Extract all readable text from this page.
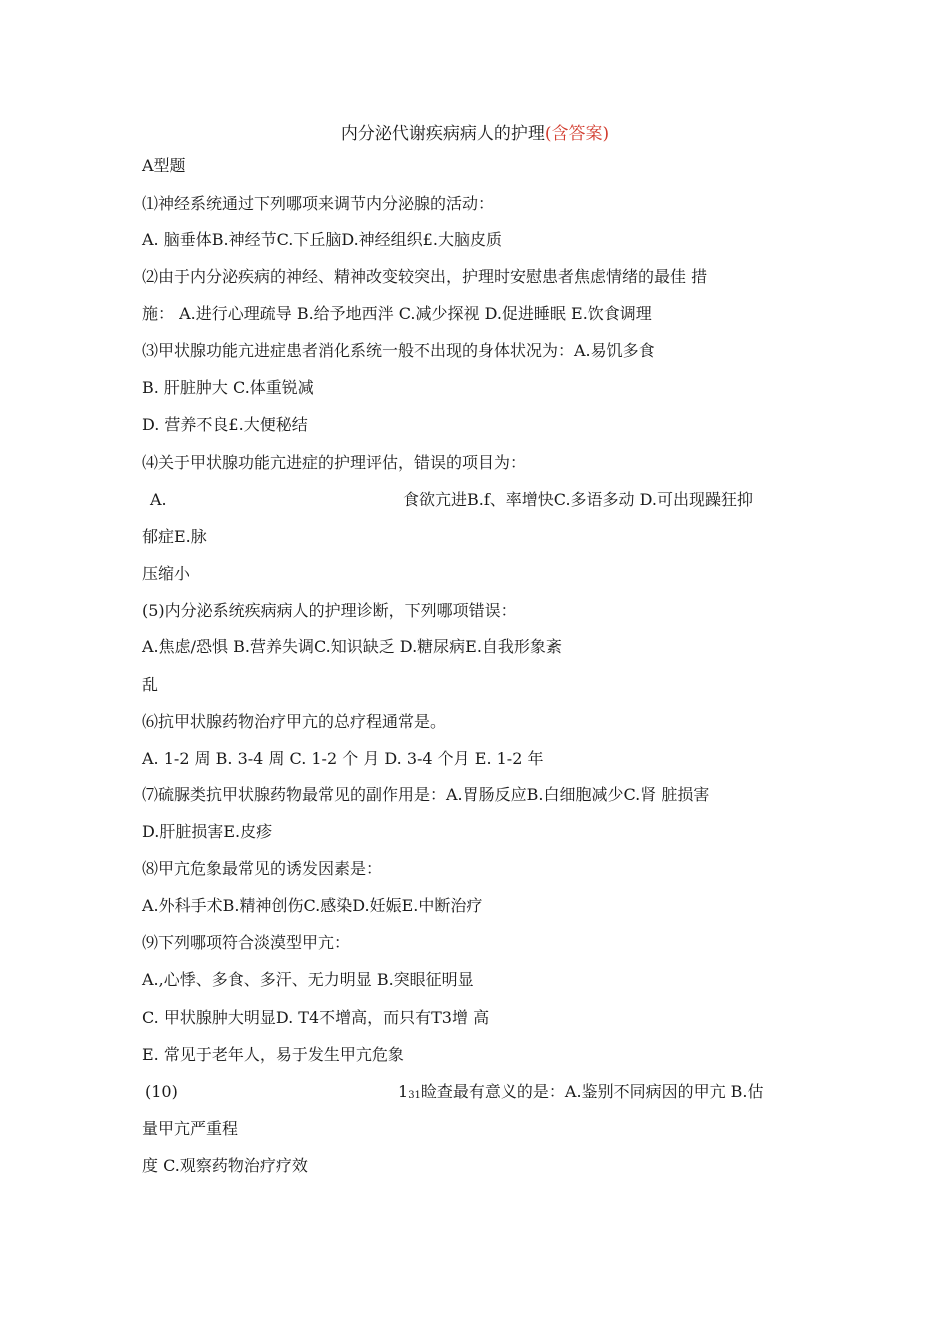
内分泌代谢疾病病人的护理(含答案)
A型题
⑴神经系统通过下列哪项来调节内分泌腺的活动：
A. 脑垂体B.神经节C.下丘脑D.神经组织£.大脑皮质
⑵由于内分泌疾病的神经、精神改变较突出，护理时安慰患者焦虑情绪的最佳 措
施： A.进行心理疏导 B.给予地西泮 C.减少探视 D.促进睡眠 E.饮食调理
⑶甲状腺功能亢进症患者消化系统一般不出现的身体状况为：A.易饥多食
B. 肝脏肿大 C.体重锐减
D. 营养不良£.大便秘结
⑷关于甲状腺功能亢进症的护理评估，错误的项目为：
A.	食欲亢进B.f、率增快C.多语多动 D.可出现躁狂抑
郁症E.脉
压缩小
(5)内分泌系统疾病病人的护理诊断，下列哪项错误：
A.焦虑/恐惧 B.营养失调C.知识缺乏 D.糖尿病E.自我形象紊
乱
⑹抗甲状腺药物治疗甲亢的总疗程通常是。
A. 1-2 周 B. 3-4 周 C. 1-2 个 月 D. 3-4 个月 E. 1-2 年
⑺硫脲类抗甲状腺药物最常见的副作用是：A.胃肠反应B.白细胞减少C.肾 脏损害
D.肝脏损害E.皮疹
⑻甲亢危象最常见的诱发因素是：
A.外科手术B.精神创伤C.感染D.妊娠E.中断治疗
⑼下列哪项符合淡漠型甲亢：
A.,心悸、多食、多汗、无力明显 B.突眼征明显
C. 甲状腺肿大明显D. T4不增高，而只有T3增 高
E. 常见于老年人，易于发生甲亢危象
(10)	131睑查最有意义的是：A.鉴别不同病因的甲亢 B.估
量甲亢严重程
度 C.观察药物治疗疗效
